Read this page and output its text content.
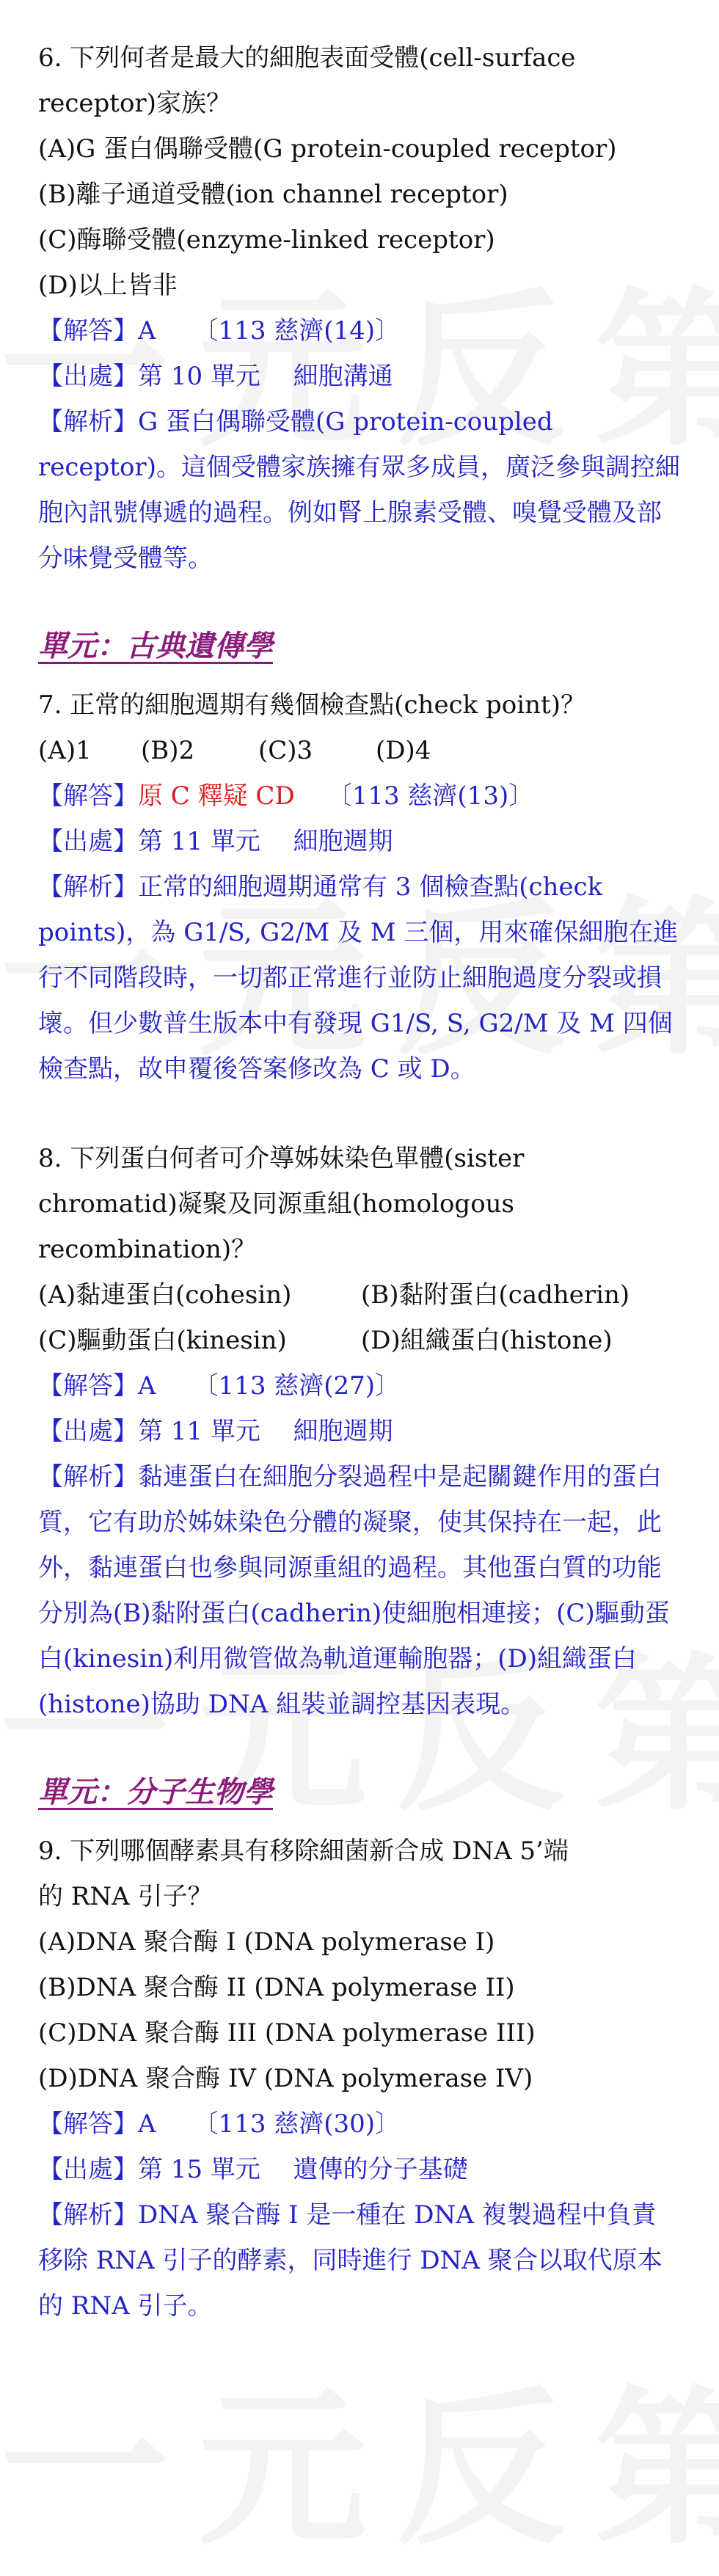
6. 下列何者是最大的細胞表面受體(cell-surface
receptor)家族？
(A)G 蛋白偶聯受體(G protein-coupled receptor)
(B)離子通道受體(ion channel receptor)
(C)酶聯受體(enzyme-linked receptor)
(D)以上皆非
【解答】A　　〔113 慈濟(14)〕
【出處】第 10 單元　 細胞溝通
【解析】G 蛋白偶聯受體(G protein-coupled receptor)。這個受體家族擁有眾多成員，廣泛參與調控細胞內訊號傳遞的過程。例如腎上腺素受體、嗅覺受體及部分味覺受體等。
單元：古典遺傳學
7. 正常的細胞週期有幾個檢查點(check point)？
(A)1 (B)2	(C)3	(D)4
【解答】原 C 釋疑 CD 〔113 慈濟(13)〕
【出處】第 11 單元　 細胞週期
【解析】正常的細胞週期通常有 3 個檢查點(check points)，為 G1/S, G2/M 及 M 三個，用來確保細胞在進行不同階段時，一切都正常進行並防止細胞過度分裂或損壞。但少數普生版本中有發現 G1/S, S, G2/M 及 M 四個檢查點，故申覆後答案修改為 C 或 D。
8. 下列蛋白何者可介導姊妹染色單體(sister
chromatid)凝聚及同源重組(homologous
recombination)？
(A)黏連蛋白(cohesin)	(B)黏附蛋白(cadherin)
(C)驅動蛋白(kinesin)	(D)組織蛋白(histone)
【解答】A　　〔113 慈濟(27)〕
【出處】第 11 單元　 細胞週期
【解析】黏連蛋白在細胞分裂過程中是起關鍵作用的蛋白質，它有助於姊妹染色分體的凝聚，使其保持在一起，此外，黏連蛋白也參與同源重組的過程。其他蛋白質的功能分別為(B)黏附蛋白(cadherin)使細胞相連接；(C)驅動蛋白(kinesin)利用微管做為軌道運輸胞器；(D)組織蛋白(histone)協助 DNA 組裝並調控基因表現。
單元：分子生物學
9. 下列哪個酵素具有移除細菌新合成 DNA 5’端
的 RNA 引子？
(A)DNA 聚合酶 I (DNA polymerase I)
(B)DNA 聚合酶 II (DNA polymerase II)
(C)DNA 聚合酶 III (DNA polymerase III)
(D)DNA 聚合酶 IV (DNA polymerase IV)
【解答】A　　〔113 慈濟(30)〕
【出處】第 15 單元　 遺傳的分子基礎
【解析】DNA 聚合酶 I 是一種在 DNA 複製過程中負責移除 RNA 引子的酵素，同時進行 DNA 聚合以取代原本的 RNA 引子。
